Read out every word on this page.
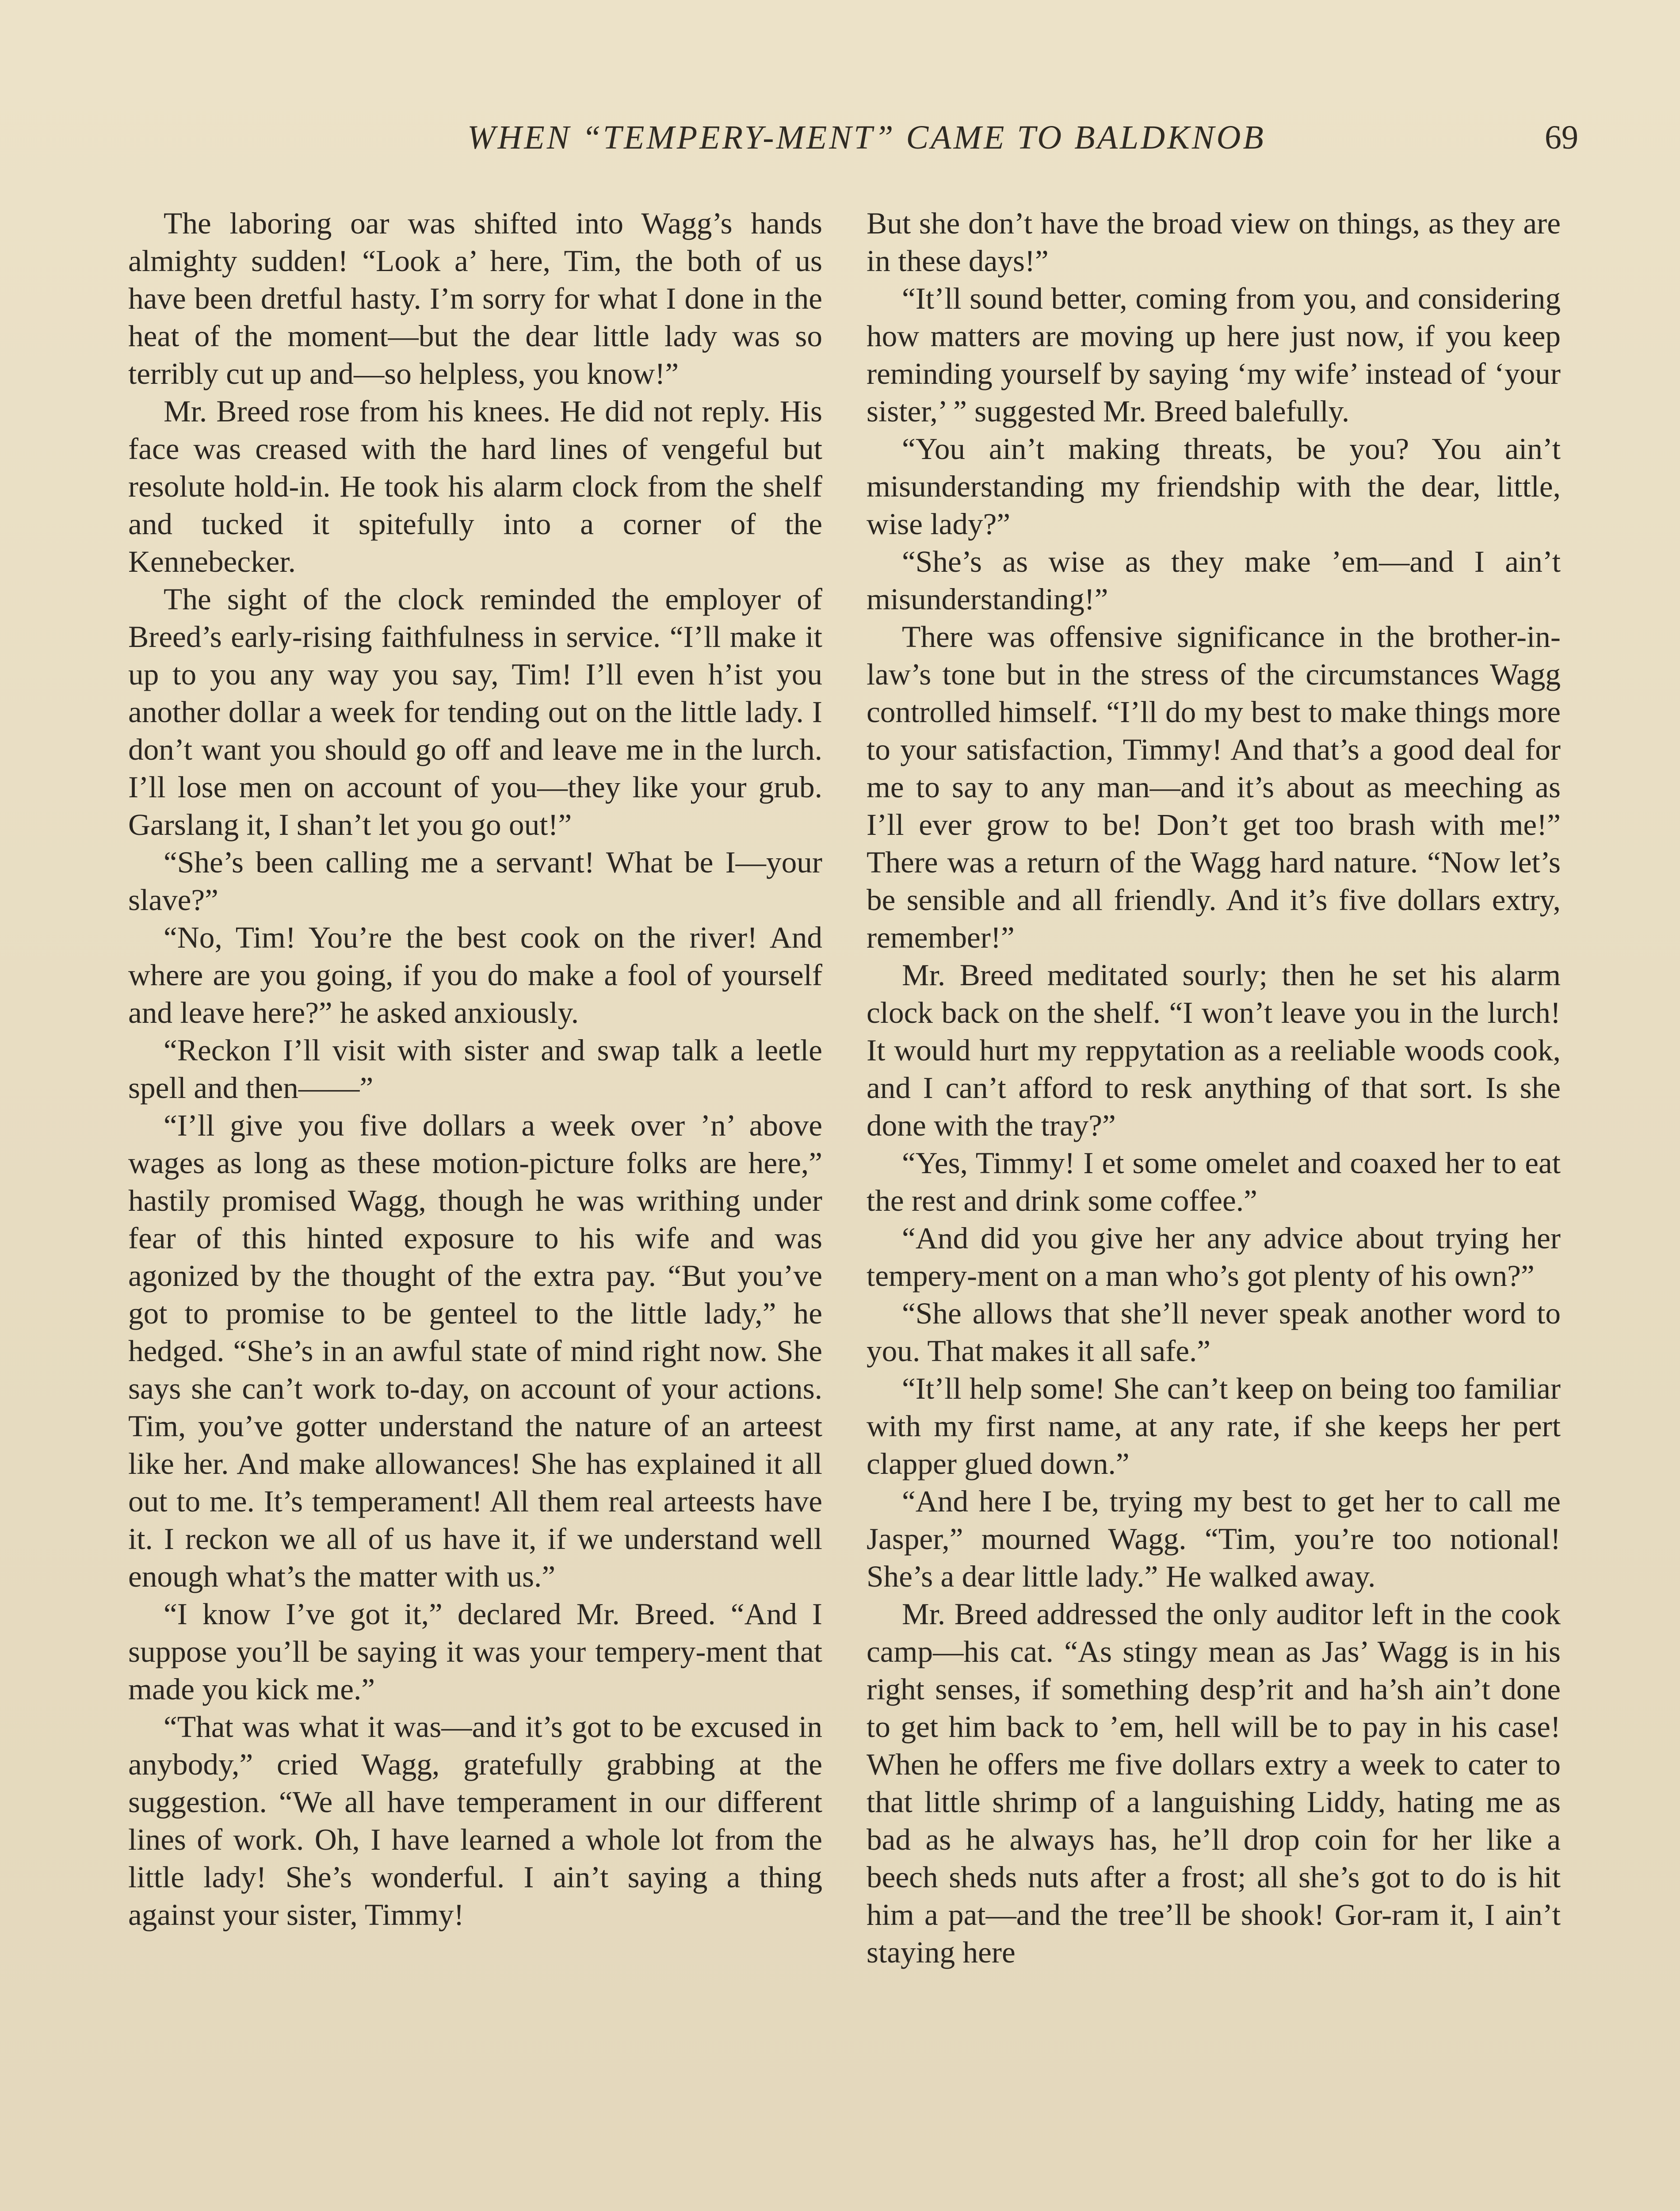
WHEN “TEMPERY-MENT” CAME TO BALDKNOB	69

The laboring oar was shifted into Wagg’s hands almighty sudden! “Look a’ here, Tim, the both of us have been dretful hasty. I’m sorry for what I done in the heat of the moment—but the dear little lady was so terribly cut up and—so helpless, you know!”

Mr. Breed rose from his knees. He did not reply. His face was creased with the hard lines of vengeful but resolute hold-in. He took his alarm clock from the shelf and tucked it spitefully into a corner of the Kennebecker.

The sight of the clock reminded the employer of Breed’s early-rising faithfulness in service. “I’ll make it up to you any way you say, Tim! I’ll even h’ist you another dollar a week for tending out on the little lady. I don’t want you should go off and leave me in the lurch. I’ll lose men on account of you—they like your grub. Garslang it, I shan’t let you go out!”

“She’s been calling me a servant! What be I—your slave?”

“No, Tim! You’re the best cook on the river! And where are you going, if you do make a fool of yourself and leave here?” he asked anxiously.

“Reckon I’ll visit with sister and swap talk a leetle spell and then——”

“I’ll give you five dollars a week over ’n’ above wages as long as these motion-picture folks are here,” hastily promised Wagg, though he was writhing under fear of this hinted exposure to his wife and was agonized by the thought of the extra pay. “But you’ve got to promise to be genteel to the little lady,” he hedged. “She’s in an awful state of mind right now. She says she can’t work to-day, on account of your actions. Tim, you’ve gotter understand the nature of an arteest like her. And make allowances! She has explained it all out to me. It’s temperament! All them real arteests have it. I reckon we all of us have it, if we understand well enough what’s the matter with us.”

“I know I’ve got it,” declared Mr. Breed. “And I suppose you’ll be saying it was your tempery-ment that made you kick me.”

“That was what it was—and it’s got to be excused in anybody,” cried Wagg, gratefully grabbing at the suggestion. “We all have temperament in our different lines of work. Oh, I have learned a whole lot from the little lady! She’s wonderful. I ain’t saying a thing against your sister, Timmy!

But she don’t have the broad view on things, as they are in these days!”

“It’ll sound better, coming from you, and considering how matters are moving up here just now, if you keep reminding yourself by saying ‘my wife’ instead of ‘your sister,’ ” suggested Mr. Breed balefully.

“You ain’t making threats, be you? You ain’t misunderstanding my friendship with the dear, little, wise lady?”

“She’s as wise as they make ’em—and I ain’t misunderstanding!”

There was offensive significance in the brother-in-law’s tone but in the stress of the circumstances Wagg controlled himself. “I’ll do my best to make things more to your satisfaction, Timmy! And that’s a good deal for me to say to any man—and it’s about as meeching as I’ll ever grow to be! Don’t get too brash with me!” There was a return of the Wagg hard nature. “Now let’s be sensible and all friendly. And it’s five dollars extry, remember!”

Mr. Breed meditated sourly; then he set his alarm clock back on the shelf. “I won’t leave you in the lurch! It would hurt my reppytation as a reeliable woods cook, and I can’t afford to resk anything of that sort. Is she done with the tray?”

“Yes, Timmy! I et some omelet and coaxed her to eat the rest and drink some coffee.”

“And did you give her any advice about trying her tempery-ment on a man who’s got plenty of his own?”

“She allows that she’ll never speak another word to you. That makes it all safe.”

“It’ll help some! She can’t keep on being too familiar with my first name, at any rate, if she keeps her pert clapper glued down.”

“And here I be, trying my best to get her to call me Jasper,” mourned Wagg. “Tim, you’re too notional! She’s a dear little lady.” He walked away.

Mr. Breed addressed the only auditor left in the cook camp—his cat. “As stingy mean as Jas’ Wagg is in his right senses, if something desp’rit and ha’sh ain’t done to get him back to ’em, hell will be to pay in his case! When he offers me five dollars extry a week to cater to that little shrimp of a languishing Liddy, hating me as bad as he always has, he’ll drop coin for her like a beech sheds nuts after a frost; all she’s got to do is hit him a pat—and the tree’ll be shook! Gor-ram it, I ain’t staying here
